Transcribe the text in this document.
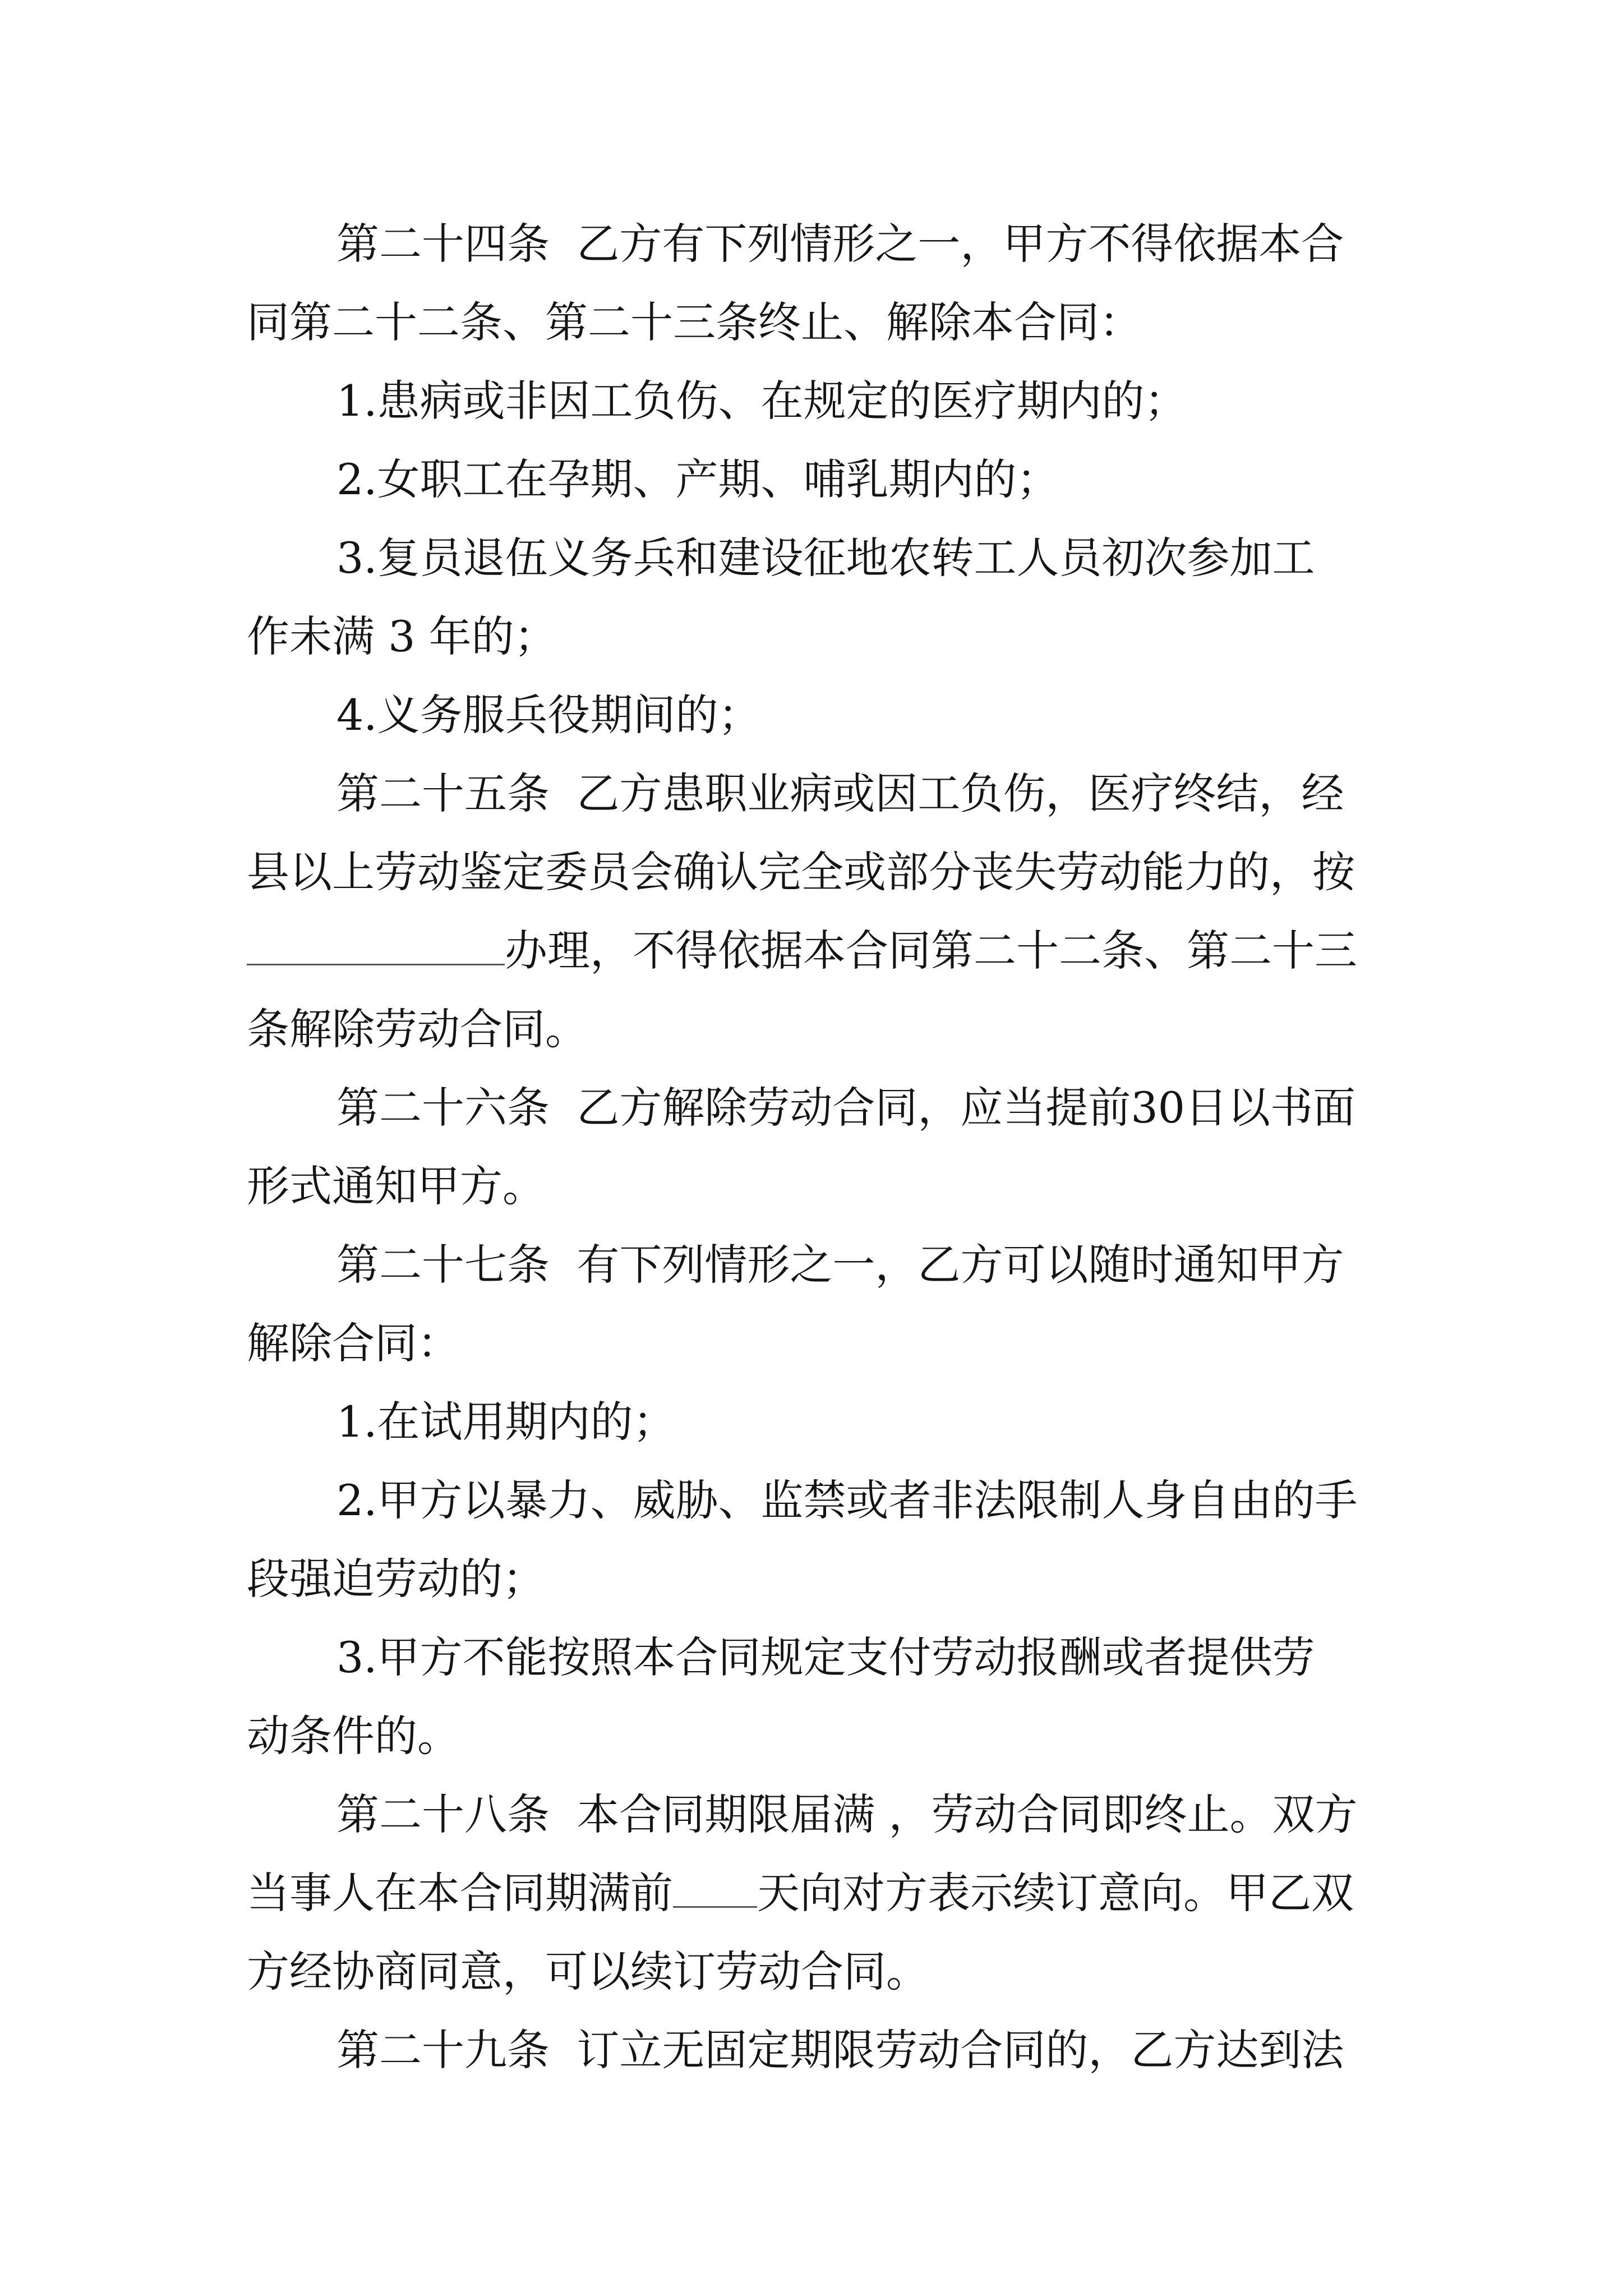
第二十四条  乙方有下列情形之一，甲方不得依据本合
同第二十二条、第二十三条终止、解除本合同：
1.患病或非因工负伤、在规定的医疗期内的；
2.女职工在孕期、产期、哺乳期内的；
3.复员退伍义务兵和建设征地农转工人员初次参加工
作未满 3 年的；
4.义务服兵役期间的；
第二十五条  乙方患职业病或因工负伤，医疗终结，经
县以上劳动鉴定委员会确认完全或部分丧失劳动能力的，按
办理，不得依据本合同第二十二条、第二十三
条解除劳动合同。
第二十六条  乙方解除劳动合同，应当提前30日以书面
形式通知甲方。
第二十七条  有下列情形之一，乙方可以随时通知甲方
解除合同：
1.在试用期内的；
2.甲方以暴力、威胁、监禁或者非法限制人身自由的手
段强迫劳动的；
3.甲方不能按照本合同规定支付劳动报酬或者提供劳
动条件的。
第二十八条  本合同期限届满 ，劳动合同即终止。双方
当事人在本合同期满前 天向对方表示续订意向。甲乙双
方经协商同意，可以续订劳动合同。
第二十九条  订立无固定期限劳动合同的，乙方达到法
